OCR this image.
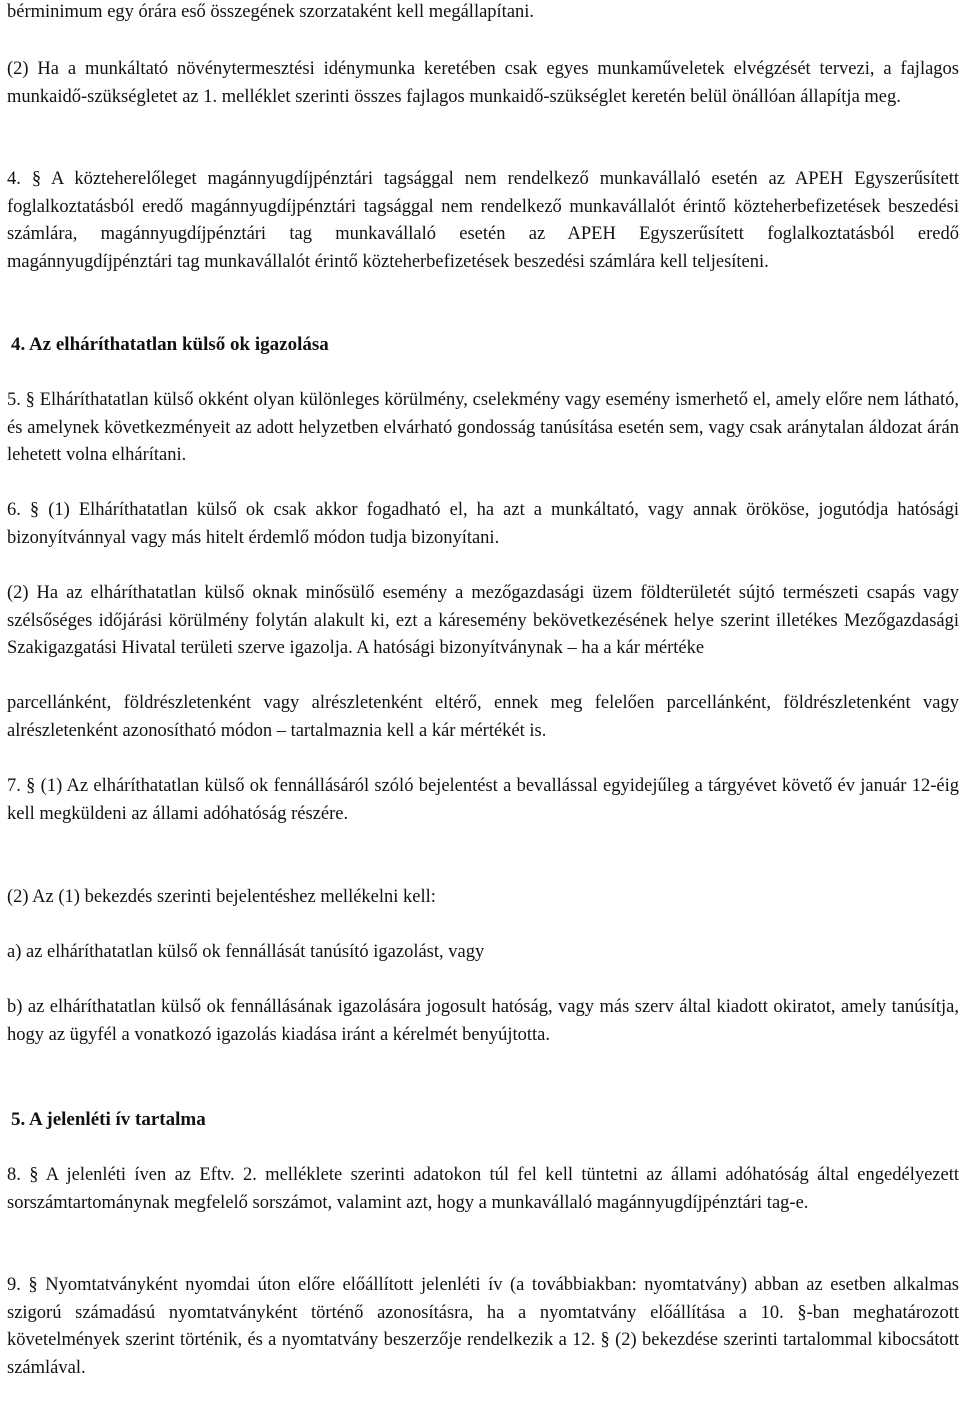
bérminimum egy órára eső összegének szorzataként kell megállapítani.

(2) Ha a munkáltató növénytermesztési idénymunka keretében csak egyes munkaműveletek elvégzését tervezi, a fajlagos munkaidő-szükségletet az 1. melléklet szerinti összes fajlagos munkaidő-szükséglet keretén belül önállóan állapítja meg.

4. § A közteherelőleget magánnyugdíjpénztári tagsággal nem rendelkező munkavállaló esetén az APEH Egyszerűsített foglalkoztatásból eredő magánnyugdíjpénztári tagsággal nem rendelkező munkavállalót érintő közteherbefizetések beszedési számlára, magánnyugdíjpénztári tag munkavállaló esetén az APEH Egyszerűsített foglalkoztatásból eredő magánnyugdíjpénztári tag munkavállalót érintő közteherbefizetések beszedési számlára kell teljesíteni.

4. Az elháríthatatlan külső ok igazolása

5. § Elháríthatatlan külső okként olyan különleges körülmény, cselekmény vagy esemény ismerhető el, amely előre nem látható, és amelynek következményeit az adott helyzetben elvárható gondosság tanúsítása esetén sem, vagy csak aránytalan áldozat árán lehetett volna elhárítani.

6. § (1) Elháríthatatlan külső ok csak akkor fogadható el, ha azt a munkáltató, vagy annak örököse, jogutódja hatósági bizonyítvánnyal vagy más hitelt érdemlő módon tudja bizonyítani.

(2) Ha az elháríthatatlan külső oknak minősülő esemény a mezőgazdasági üzem földterületét sújtó természeti csapás vagy szélsőséges időjárási körülmény folytán alakult ki, ezt a káresemény bekövetkezésének helye szerint illetékes Mezőgazdasági Szakigazgatási Hivatal területi szerve igazolja. A hatósági bizonyítványnak – ha a kár mértéke

parcellánként, földrészletenként vagy alrészletenként eltérő, ennek meg felelően parcellánként, földrészletenként vagy alrészletenként azonosítható módon – tartalmaznia kell a kár mértékét is.

7. § (1) Az elháríthatatlan külső ok fennállásáról szóló bejelentést a bevallással egyidejűleg a tárgyévet követő év január 12-éig kell megküldeni az állami adóhatóság részére.

(2) Az (1) bekezdés szerinti bejelentéshez mellékelni kell:

a) az elháríthatatlan külső ok fennállását tanúsító igazolást, vagy

b) az elháríthatatlan külső ok fennállásának igazolására jogosult hatóság, vagy más szerv által kiadott okiratot, amely tanúsítja, hogy az ügyfél a vonatkozó igazolás kiadása iránt a kérelmét benyújtotta.

5. A jelenléti ív tartalma

8. § A jelenléti íven az Eftv. 2. melléklete szerinti adatokon túl fel kell tüntetni az állami adóhatóság által engedélyezett sorszámtartománynak megfelelő sorszámot, valamint azt, hogy a munkavállaló magánnyugdíjpénztári tag-e.

9. § Nyomtatványként nyomdai úton előre előállított jelenléti ív (a továbbiakban: nyomtatvány) abban az esetben alkalmas szigorú számadású nyomtatványként történő azonosításra, ha a nyomtatvány előállítása a 10. §-ban meghatározott követelmények szerint történik, és a nyomtatvány beszerzője rendelkezik a 12. § (2) bekezdése szerinti tartalommal kibocsátott számlával.
